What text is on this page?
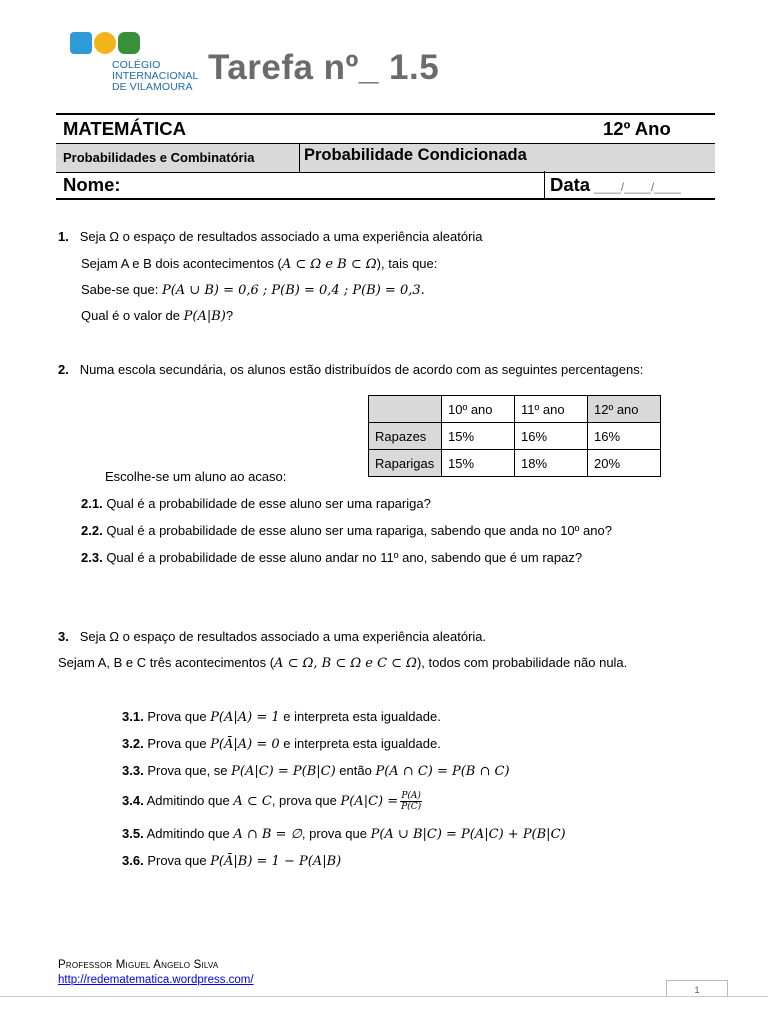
COLÉGIO
INTERNACIONAL
DE VILAMOURA Tarefa nº_ 1.5
MATEMÁTICA	12º Ano
Probabilidades e Combinatória	Probabilidade Condicionada
Nome:	Data ____/____/____
1. Seja Ω o espaço de resultados associado a uma experiência aleatória
Sejam A e B dois acontecimentos (A ⊂ Ω e B ⊂ Ω), tais que:
Sabe-se que: P(A ∪ B) = 0,6 ; P(B) = 0,4 ; P(B) = 0,3.
Qual é o valor de P(A|B)?
2. Numa escola secundária, os alunos estão distribuídos de acordo com as seguintes percentagens:
	10º ano	11º ano	12º ano
Rapazes	15%	16%	16%
Raparigas	15%	18%	20%
Escolhe-se um aluno ao acaso:
2.1. Qual é a probabilidade de esse aluno ser uma rapariga?
2.2. Qual é a probabilidade de esse aluno ser uma rapariga, sabendo que anda no 10º ano?
2.3. Qual é a probabilidade de esse aluno andar no 11º ano, sabendo que é um rapaz?
3. Seja Ω o espaço de resultados associado a uma experiência aleatória.
Sejam A, B e C três acontecimentos (A ⊂ Ω, B ⊂ Ω e C ⊂ Ω), todos com probabilidade não nula.
3.1. Prova que P(A|A) = 1 e interpreta esta igualdade.
3.2. Prova que P(Ā|A) = 0 e interpreta esta igualdade.
3.3. Prova que, se P(A|C) = P(B|C) então P(A ∩ C) = P(B ∩ C)
3.4. Admitindo que A ⊂ C, prova que $P(A|C) = \frac{P(A)}{P(C)}$
3.5. Admitindo que A ∩ B = ∅, prova que P(A ∪ B|C) = P(A|C) + P(B|C)
3.6. Prova que P(Ā|B) = 1 − P(A|B)
Professor Miguel Angelo Silva
http://redematematica.wordpress.com/
1
